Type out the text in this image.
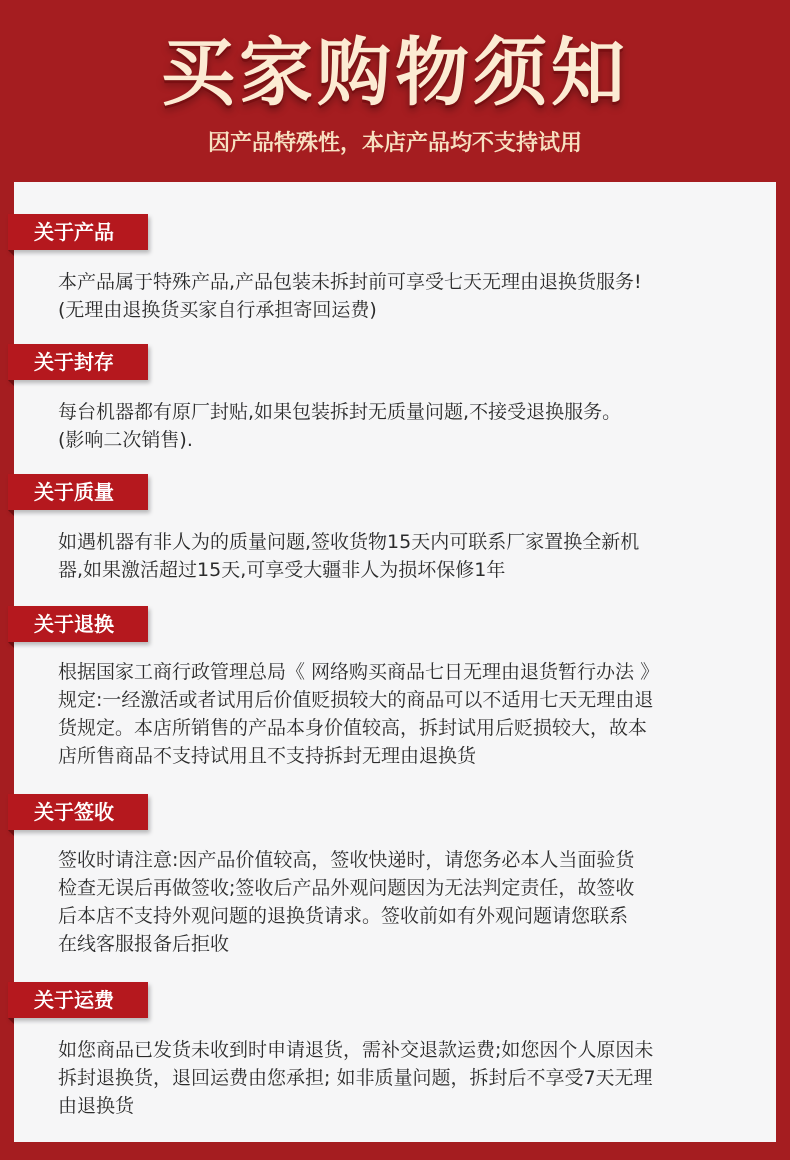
买家购物须知
因产品特殊性，本店产品均不支持试用
关于产品

本产品属于特殊产品,产品包装未拆封前可享受七天无理由退换货服务!

(无理由退换货买家自行承担寄回运费)

关于封存

每台机器都有原厂封贴,如果包装拆封无质量问题,不接受退换服务。

(影响二次销售).

关于质量

如遇机器有非人为的质量问题,签收货物15天内可联系厂家置换全新机

器,如果激活超过15天,可享受大疆非人为损坏保修1年

关于退换

根据国家工商行政管理总局《 网络购买商品七日无理由退货暂行办法 》

规定:一经激活或者试用后价值贬损较大的商品可以不适用七天无理由退

货规定。本店所销售的产品本身价值较高，拆封试用后贬损较大，故本

店所售商品不支持试用且不支持拆封无理由退换货

关于签收

签收时请注意:因产品价值较高，签收快递时，请您务必本人当面验货

检查无误后再做签收;签收后产品外观问题因为无法判定责任，故签收

后本店不支持外观问题的退换货请求。签收前如有外观问题请您联系

在线客服报备后拒收

关于运费

如您商品已发货未收到时申请退货，需补交退款运费;如您因个人原因未

拆封退换货，退回运费由您承担; 如非质量问题，拆封后不享受7天无理

由退换货
